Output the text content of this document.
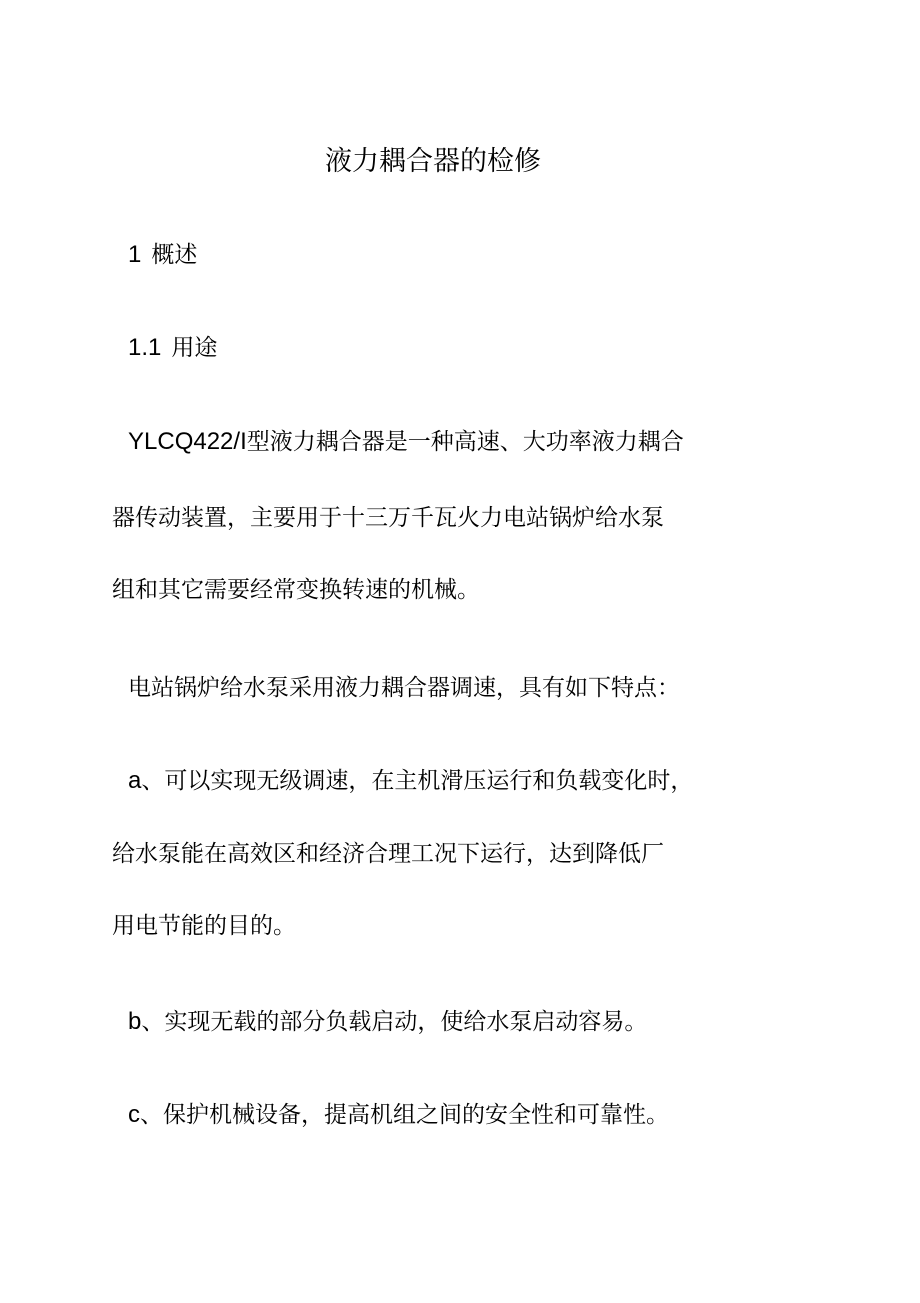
液力耦合器的检修
1 概述
1.1 用途
YLCQ422/I型液力耦合器是一种高速、大功率液力耦合
器传动装置，主要用于十三万千瓦火力电站锅炉给水泵
组和其它需要经常变换转速的机械。
电站锅炉给水泵采用液力耦合器调速，具有如下特点：
a、可以实现无级调速，在主机滑压运行和负载变化时，
给水泵能在高效区和经济合理工况下运行，达到降低厂
用电节能的目的。
b、实现无载的部分负载启动，使给水泵启动容易。
c、保护机械设备，提高机组之间的安全性和可靠性。
